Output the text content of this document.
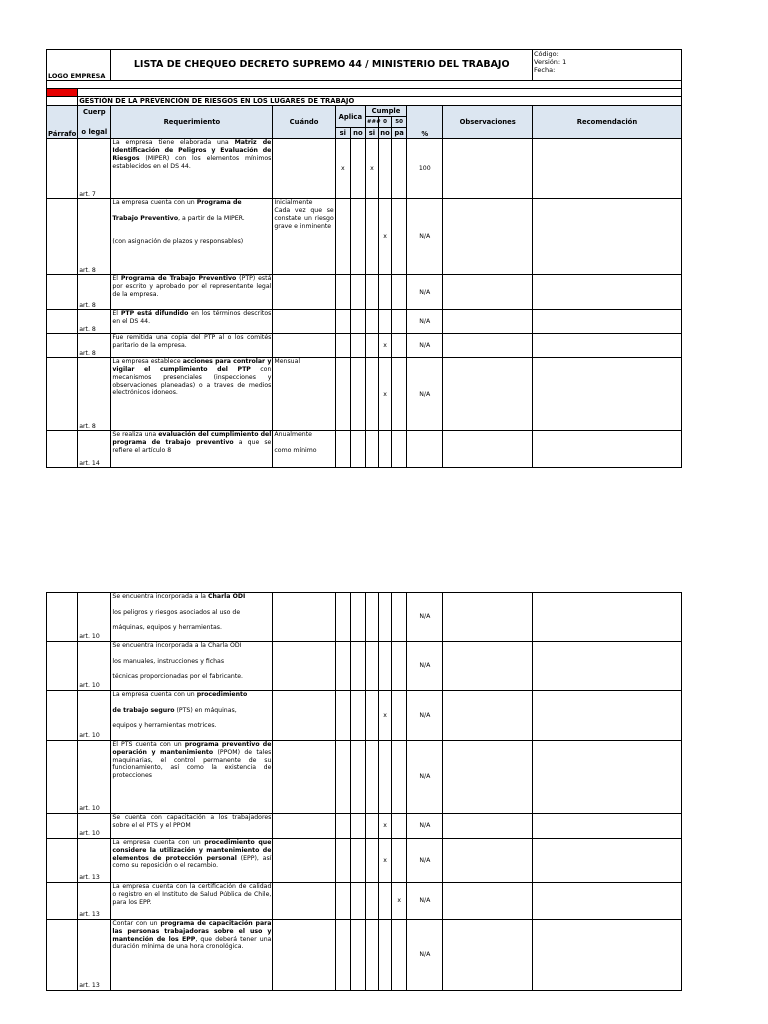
LOGO EMPRESA		LISTA DE CHEQUEO DECRETO SUPREMO 44 / MINISTERIO DEL TRABAJO									Código:
Versión: 1
Fecha:

	GESTIÓN DE LA PREVENCIÓN DE RIESGOS EN LOS LUGARES DE TRABAJO										
Párrafo	Cuerp
o legal	Requerimiento	Cuándo	Aplica		Cumple			%	Observaciones	Recomendación
						###	0	50			
				si	no	si	no	pa			
	art. 7	La empresa tiene elaborada una Matriz de Identificación de Peligros y Evaluación de Riesgos (MIPER) con los elementos mínimos establecidos en el DS 44.		x		x			100		
	art. 8	La empresa cuenta con un Programa de

Trabajo Preventivo, a partir de la MIPER.

(con asignación de plazos y responsables)	Inicialmente
Cada vez que se constate un riesgo grave e inminente				x		N/A		
	art. 8	El Programa de Trabajo Preventivo (PTP) está por escrito y aprobado por el representante legal de la empresa.							N/A		
	art. 8	El PTP está difundido en los términos descritos en el DS 44.							N/A		
	art. 8	Fue remitida una copia del PTP al o los comités paritario de la empresa.					x		N/A		
	art. 8	La empresa establece acciones para controlar y vigilar el cumplimiento del PTP con mecanismos presenciales (inspecciones y observaciones planeadas) o a traves de medios electrónicos idoneos.	Mensual				x		N/A		
	art. 14	Se realiza una evaluación del cumplimiento del programa de trabajo preventivo a que se refiere el artículo 8	Anualmente

como mínimo								
	art. 10	Se encuentra incorporada a la Charla ODI

los peligros y riesgos asociados al uso de

máquinas, equipos y herramientas.							N/A		
	art. 10	Se encuentra incorporada a la Charla ODI

los manuales, instrucciones y fichas

técnicas proporcionadas por el fabricante.							N/A		
	art. 10	La empresa cuenta con un procedimiento

de trabajo seguro (PTS) en máquinas,

equipos y herramientas motrices.					x		N/A		
	art. 10	El PTS cuenta con un programa preventivo de operación y mantenimiento (PPOM) de tales maquinarias, el control permanente de su funcionamiento, así como la existencia de protecciones							N/A		
	art. 10	Se cuenta con capacitación a los trabajadores sobre el el PTS y el PPOM					x		N/A		
	art. 13	La empresa cuenta con un procedimiento que considere la utilización y mantenimiento de elementos de protección personal (EPP), así como su reposición o el recambio.					x		N/A		
	art. 13	La empresa cuenta con la certificación de calidad o registro en el Instituto de Salud Pública de Chile, para los EPP.						x	N/A		
	art. 13	Contar con un programa de capacitación para las personas trabajadoras sobre el uso y mantención de los EPP, que deberá tener una duración mínima de una hora cronológica.							N/A		
